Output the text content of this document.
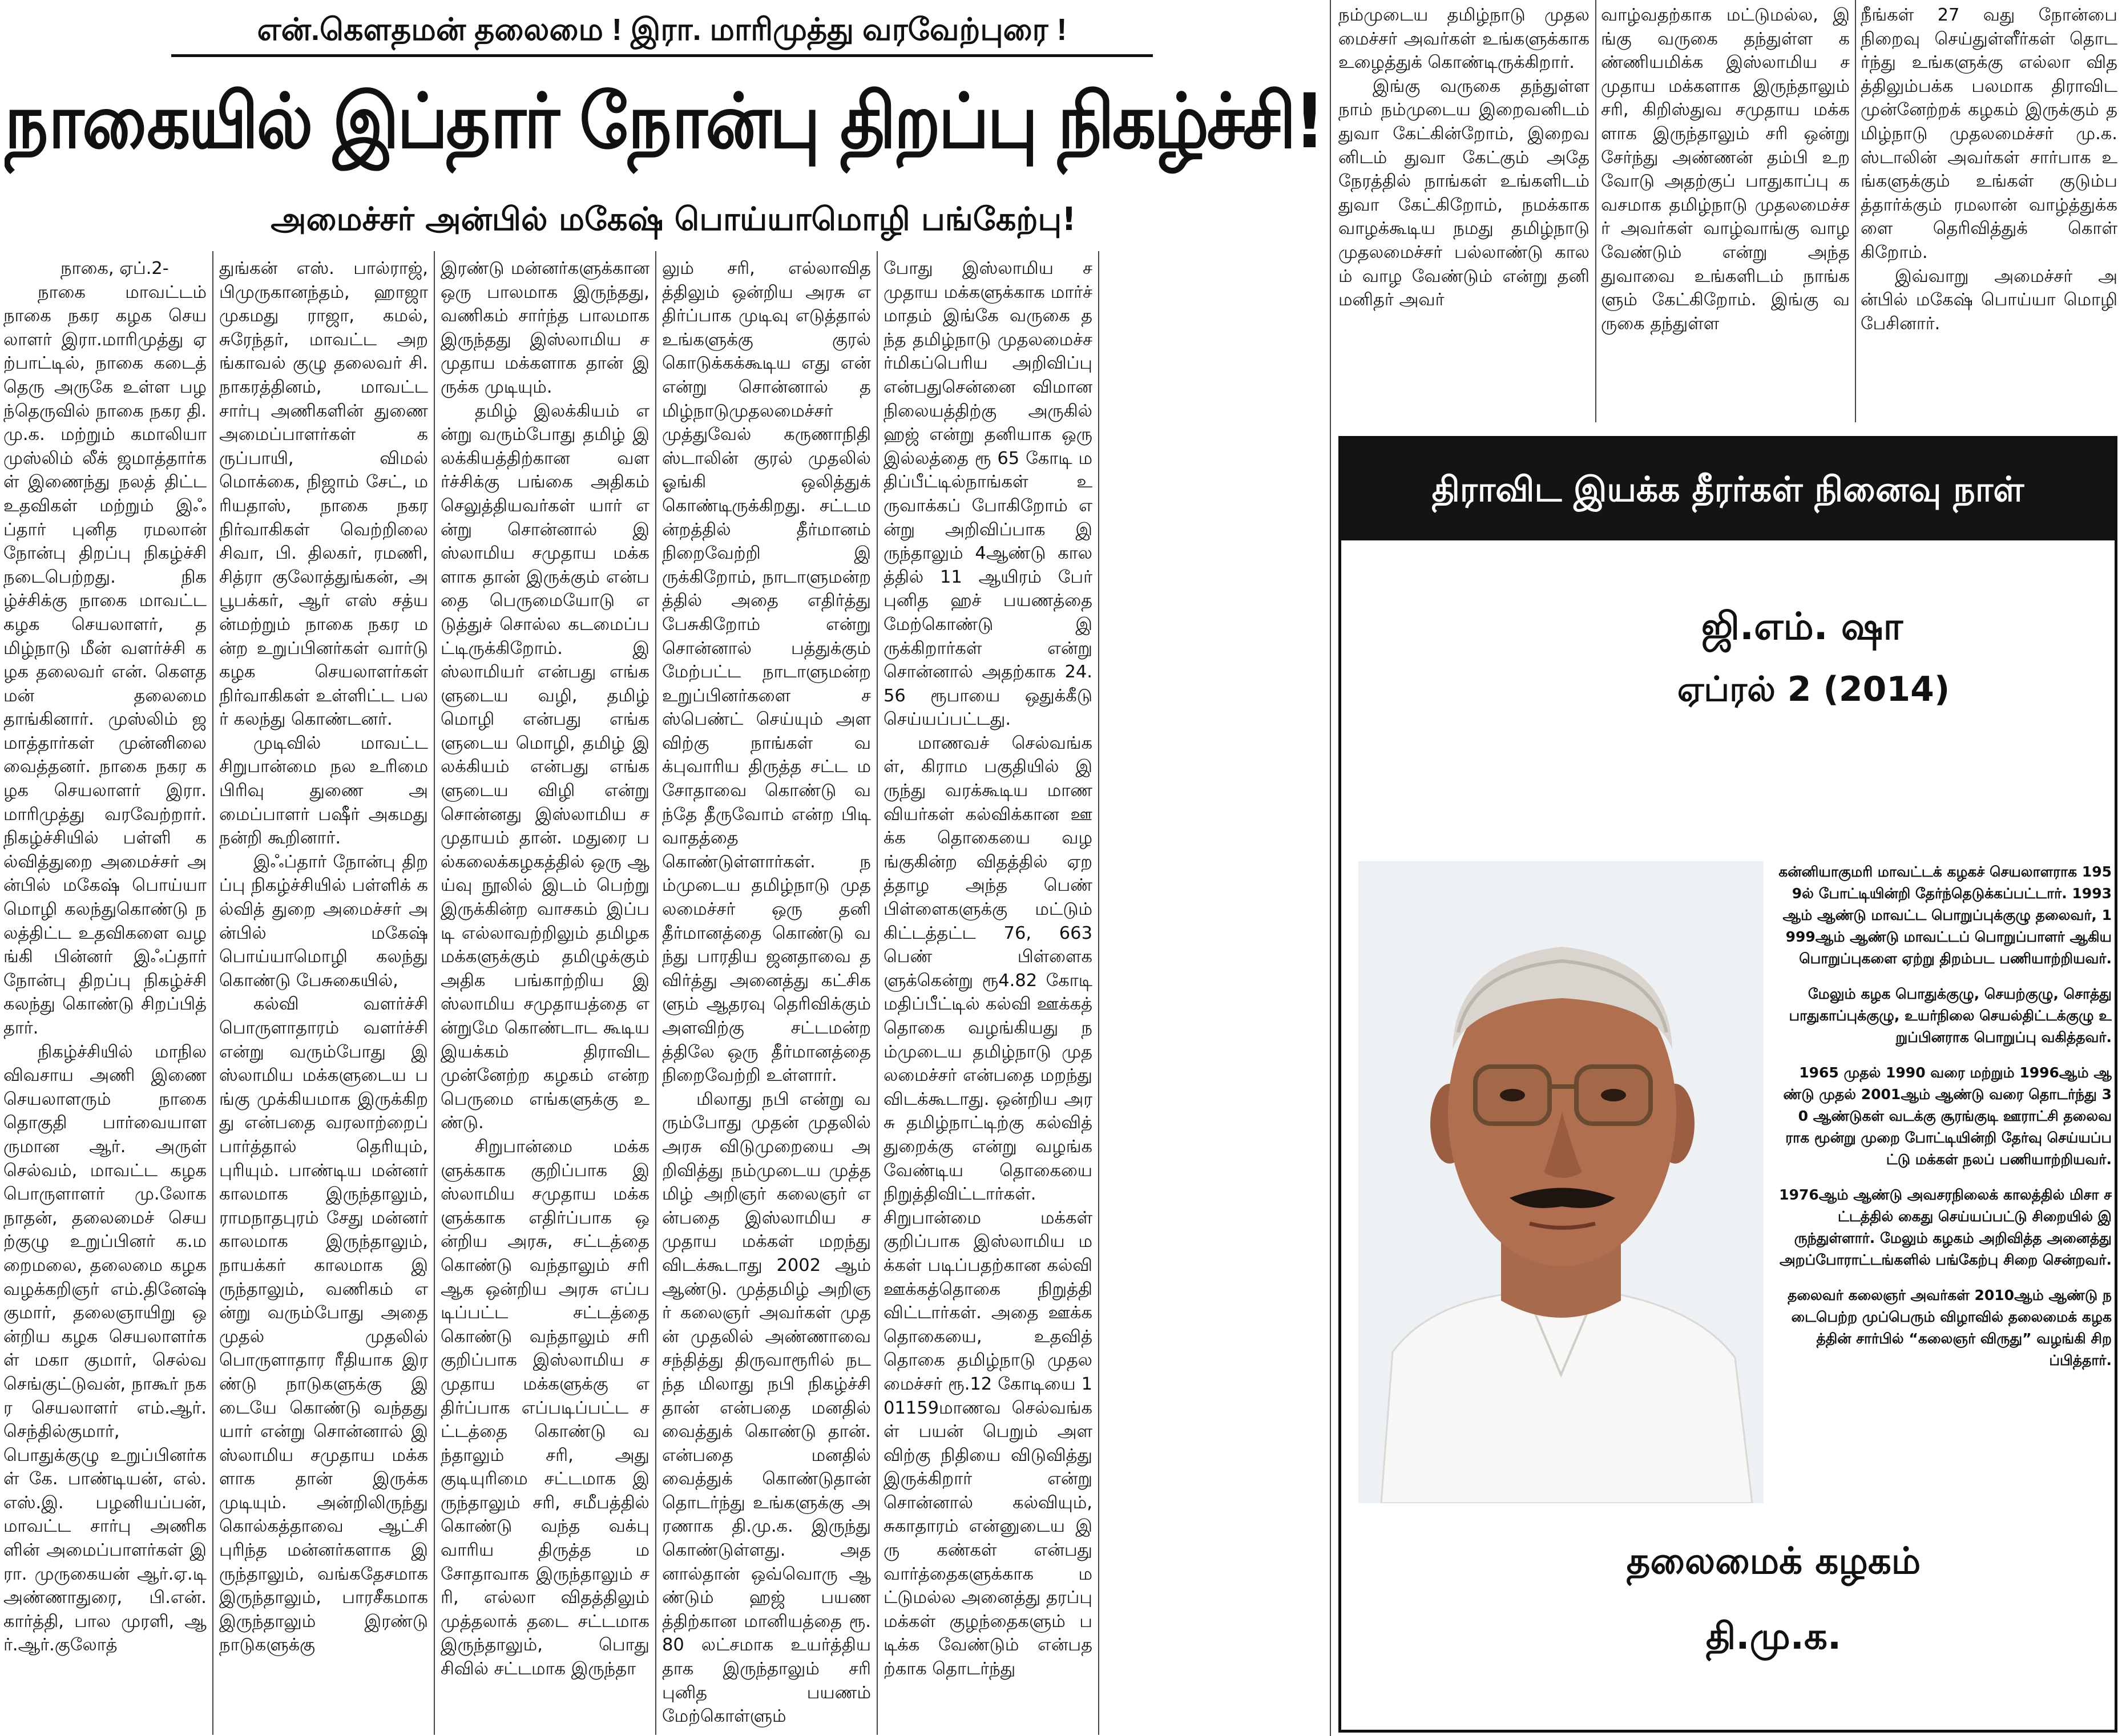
என்.கௌதமன் தலைமை ! இரா. மாரிமுத்து வரவேற்புரை !
நாகையில் இப்தார் நோன்பு திறப்பு நிகழ்ச்சி!
அமைச்சர் அன்பில் மகேஷ் பொய்யாமொழி பங்கேற்பு!

நாகை, ஏப்.2-

நாகை மாவட்டம் நாகை நகர கழக செயலாளர் இரா.மாரிமுத்து ஏற்பாட்டில், நாகை கடைத் தெரு அருகே உள்ள பழந்தெருவில் நாகை நகர தி.மு.க. மற்றும் கமாலியா முஸ்லிம் லீக் ஜமாத்தார்கள் இணைந்து நலத் திட்ட உதவிகள் மற்றும் இஃப்தார் புனித ரமலான் நோன்பு திறப்பு நிகழ்ச்சி நடைபெற்றது. நிகழ்ச்சிக்கு நாகை மாவட்ட கழக செயலாளர், தமிழ்நாடு மீன் வளர்ச்சி கழக தலைவர் என். கௌதமன் தலைமை தாங்கினார். முஸ்லிம் ஜமாத்தார்கள் முன்னிலை வைத்தனர். நாகை நகர கழக செயலாளர் இரா. மாரிமுத்து வரவேற்றார். நிகழ்ச்சியில் பள்ளி கல்வித்துறை அமைச்சர் அன்பில் மகேஷ் பொய்யா மொழி கலந்துகொண்டு நலத்திட்ட உதவிகளை வழங்கி பின்னர் இஃப்தார் நோன்பு திறப்பு நிகழ்ச்சி கலந்து கொண்டு சிறப்பித் தார்.

நிகழ்ச்சியில் மாநில விவசாய அணி இணை செயலாளரும் நாகை தொகுதி பார்வையாளருமான ஆர். அருள் செல்வம், மாவட்ட கழக பொருளாளர் மு.லோகநாதன், தலைமைச் செயற்குழு உறுப்பினர் க.மறைமலை, தலைமை கழக வழக்கறிஞர் எம்.தினேஷ் குமார், தலைஞாயிறு ஒன்றிய கழக செயலாளர்கள் மகா குமார், செல்வ செங்குட்டுவன், நாகூர் நகர செயலாளர் எம்.ஆர். செந்தில்குமார், பொதுக்குழு உறுப்பினர்கள் கே. பாண்டியன், எல்.எஸ்.இ. பழனியப்பன், மாவட்ட சார்பு அணிகளின் அமைப்பாளர்கள் இரா. முருகையன் ஆர்.ஏ.டி அண்ணாதுரை, பி.என். கார்த்தி, பால முரளி, ஆர்.ஆர்.குலோத்

துங்கன் எஸ். பால்ராஜ், பிமுருகானந்தம், ஹாஜா முகமது ராஜா, கமல், சுரேந்தர், மாவட்ட அறங்காவல் குழு தலைவர் சி. நாகரத்தினம், மாவட்ட சார்பு அணிகளின் துணை அமைப்பாளர்கள் கருப்பாயி, விமல் மொக்கை, நிஜாம் சேட், மரியதாஸ், நாகை நகர நிர்வாகிகள் வெற்றிலை சிவா, பி. திலகர், ரமணி, சித்ரா குலோத்துங்கன், அபூபக்கர், ஆர் எஸ் சத்யன்மற்றும் நாகை நகர மன்ற உறுப்பினர்கள் வார்டு கழக செயலாளர்கள் நிர்வாகிகள் உள்ளிட்ட பலர் கலந்து கொண்டனர்.

முடிவில் மாவட்ட சிறுபான்மை நல உரிமை பிரிவு துணை அமைப்பாளர் பஷீர் அகமது நன்றி கூறினார்.

இஃப்தார் நோன்பு திறப்பு நிகழ்ச்சியில் பள்ளிக் கல்வித் துறை அமைச்சர் அன்பில் மகேஷ் பொய்யாமொழி கலந்து கொண்டு பேசுகையில்,

கல்வி வளர்ச்சி பொருளாதாரம் வளர்ச்சி என்று வரும்போது இஸ்லாமிய மக்களுடைய பங்கு முக்கியமாக இருக்கிறது என்பதை வரலாற்றைப் பார்த்தால் தெரியும், புரியும். பாண்டிய மன்னர் காலமாக இருந்தாலும், ராமநாதபுரம் சேது மன்னர் காலமாக இருந்தாலும், நாயக்கர் காலமாக இருந்தாலும், வணிகம் என்று வரும்போது அதை முதல் முதலில் பொருளாதார ரீதியாக இரண்டு நாடுகளுக்கு இடையே கொண்டு வந்தது யார் என்று சொன்னால் இஸ்லாமிய சமுதாய மக்களாக தான் இருக்க முடியும். அன்றிலிருந்து கொல்கத்தாவை ஆட்சி புரிந்த மன்னர்களாக இருந்தாலும், வங்கதேசமாக இருந்தாலும், பாரசீகமாக இருந்தாலும் இரண்டு நாடுகளுக்கு

இரண்டு மன்னர்களுக்கான ஒரு பாலமாக இருந்தது, வணிகம் சார்ந்த பாலமாக இருந்தது இஸ்லாமிய சமுதாய மக்களாக தான் இருக்க முடியும்.

தமிழ் இலக்கியம் என்று வரும்போது தமிழ் இலக்கியத்திற்கான வளர்ச்சிக்கு பங்கை அதிகம் செலுத்தியவர்கள் யார் என்று சொன்னால் இஸ்லாமிய சமுதாய மக்களாக தான் இருக்கும் என்பதை பெருமையோடு எடுத்துச் சொல்ல கடமைப்பட்டிருக்கிறோம். இஸ்லாமியர் என்பது எங்களுடைய வழி, தமிழ் மொழி என்பது எங்களுடைய மொழி, தமிழ் இலக்கியம் என்பது எங்களுடைய விழி என்று சொன்னது இஸ்லாமிய சமுதாயம் தான். மதுரை பல்கலைக்கழகத்தில் ஒரு ஆய்வு நூலில் இடம் பெற்று இருக்கின்ற வாசகம் இப்படி எல்லாவற்றிலும் தமிழக மக்களுக்கும் தமிழுக்கும் அதிக பங்காற்றிய இஸ்லாமிய சமுதாயத்தை என்றுமே கொண்டாட கூடிய இயக்கம் திராவிட முன்னேற்ற கழகம் என்ற பெருமை எங்களுக்கு உண்டு.

சிறுபான்மை மக்களுக்காக குறிப்பாக இஸ்லாமிய சமுதாய மக்களுக்காக எதிர்ப்பாக ஒன்றிய அரசு, சட்டத்தை கொண்டு வந்தாலும் சரி ஆக ஒன்றிய அரசு எப்படிப்பட்ட சட்டத்தை கொண்டு வந்தாலும் சரி குறிப்பாக இஸ்லாமிய சமுதாய மக்களுக்கு எதிர்ப்பாக எப்படிப்பட்ட சட்டத்தை கொண்டு வந்தாலும் சரி, அது குடியுரிமை சட்டமாக இருந்தாலும் சரி, சமீபத்தில் கொண்டு வந்த வக்பு வாரிய திருத்த மசோதாவாக இருந்தாலும் சரி, எல்லா விதத்திலும் முத்தலாக் தடை சட்டமாக இருந்தாலும், பொது சிவில் சட்டமாக இருந்தா

லும் சரி, எல்லாவிதத்திலும் ஒன்றிய அரசு எதிர்ப்பாக முடிவு எடுத்தால் உங்களுக்கு குரல் கொடுக்கக்கூடிய எது என் என்று சொன்னால் தமிழ்நாடுமுதலமைச்சர் முத்துவேல் கருணாநிதி ஸ்டாலின் குரல் முதலில் ஓங்கி ஒலித்துக் கொண்டிருக்கிறது. சட்டமன்றத்தில் தீர்மானம் நிறைவேற்றி இருக்கிறோம், நாடாளுமன்றத்தில் அதை எதிர்த்து பேசுகிறோம் என்று சொன்னால் பத்துக்கும் மேற்பட்ட நாடாளுமன்ற உறுப்பினர்களை சஸ்பெண்ட் செய்யும் அளவிற்கு நாங்கள் வக்புவாரிய திருத்த சட்ட மசோதாவை கொண்டு வந்தே தீருவோம் என்ற பிடி வாதத்தை கொண்டுள்ளார்கள். நம்முடைய தமிழ்நாடு முதலமைச்சர் ஒரு தனி தீர்மானத்தை கொண்டு வந்து பாரதிய ஜனதாவை தவிர்த்து அனைத்து கட்சிகளும் ஆதரவு தெரிவிக்கும் அளவிற்கு சட்டமன்றத்திலே ஒரு தீர்மானத்தை நிறைவேற்றி உள்ளார்.

மிலாது நபி என்று வரும்போது முதன் முதலில் அரசு விடுமுறையை அறிவித்து நம்முடைய முத்தமிழ் அறிஞர் கலைஞர் என்பதை இஸ்லாமிய சமுதாய மக்கள் மறந்து விடக்கூடாது 2002 ஆம் ஆண்டு. முத்தமிழ் அறிஞர் கலைஞர் அவர்கள் முதன் முதலில் அண்ணாவை சந்தித்து திருவாரூரில் நடந்த மிலாது நபி நிகழ்ச்சி தான் என்பதை மனதில் வைத்துக் கொண்டு தான்.என்பதை மனதில் வைத்துக் கொண்டுதான் தொடர்ந்து உங்களுக்கு அரணாக தி.மு.க. இருந்து கொண்டுள்ளது. அதனால்தான் ஒவ்வொரு ஆண்டும் ஹஜ் பயணத்திற்கான மானியத்தை ரூ. 80 லட்சமாக உயர்த்தியதாக இருந்தாலும் சரி புனித பயணம் மேற்கொள்ளும்

போது இஸ்லாமிய சமுதாய மக்களுக்காக மார்ச் மாதம் இங்கே வருகை தந்த தமிழ்நாடு முதலமைச்சர்மிகப்பெரிய அறிவிப்பு என்பதுசென்னை விமான நிலையத்திற்கு அருகில் ஹஜ் என்று தனியாக ஒரு இல்லத்தை ரூ 65 கோடி மதிப்பீட்டில்நாங்கள் உருவாக்கப் போகிறோம் என்று அறிவிப்பாக இருந்தாலும் 4ஆண்டு காலத்தில் 11 ஆயிரம் பேர் புனித ஹச் பயணத்தை மேற்கொண்டு இருக்கிறார்கள் என்று சொன்னால் அதற்காக 24.56 ரூபாயை ஒதுக்கீடு செய்யப்பட்டது.

மாணவச் செல்வங்கள், கிராம பகுதியில் இருந்து வரக்கூடிய மாணவியர்கள் கல்விக்கான ஊக்க தொகையை வழங்குகின்ற விதத்தில் ஏறத்தாழ அந்த பெண் பிள்ளைகளுக்கு மட்டும் கிட்டத்தட்ட 76, 663 பெண் பிள்ளைகளுக்கென்று ரூ4.82 கோடி மதிப்பீட்டில் கல்வி ஊக்கத் தொகை வழங்கியது நம்முடைய தமிழ்நாடு முதலமைச்சர் என்பதை மறந்து விடக்கூடாது. ஒன்றிய அரசு தமிழ்நாட்டிற்கு கல்வித் துறைக்கு என்று வழங்க வேண்டிய தொகையை நிறுத்திவிட்டார்கள். சிறுபான்மை மக்கள் குறிப்பாக இஸ்லாமிய மக்கள் படிப்பதற்கான கல்வி ஊக்கத்தொகை நிறுத்தி விட்டார்கள். அதை ஊக்க தொகையை, உதவித் தொகை தமிழ்நாடு முதலமைச்சர் ரூ.12 கோடியை 101159மாணவ செல்வங்கள் பயன் பெறும் அளவிற்கு நிதியை விடுவித்து இருக்கிறார் என்று சொன்னால் கல்வியும், சுகாதாரம் என்னுடைய இரு கண்கள் என்பது வார்த்தைகளுக்காக மட்டுமல்ல அனைத்து தரப்பு மக்கள் குழந்தைகளும் படிக்க வேண்டும் என்பதற்காக தொடர்ந்து

நம்முடைய தமிழ்நாடு முதலமைச்சர் அவர்கள் உங்களுக்காக உழைத்துக் கொண்டிருக்கிறார்.

இங்கு வருகை தந்துள்ள நாம் நம்முடைய இறைவனிடம் துவா கேட்கின்றோம், இறைவனிடம் துவா கேட்கும் அதே நேரத்தில் நாங்கள் உங்களிடம் துவா கேட்கிறோம், நமக்காக வாழக்கூடிய நமது தமிழ்நாடு முதலமைச்சர் பல்லாண்டு காலம் வாழ வேண்டும் என்று தனி மனிதர் அவர்

வாழ்வதற்காக மட்டுமல்ல, இங்கு வருகை தந்துள்ள கண்ணியமிக்க இஸ்லாமிய சமுதாய மக்களாக இருந்தாலும் சரி, கிறிஸ்துவ சமுதாய மக்களாக இருந்தாலும் சரி ஒன்று சேர்ந்து அண்ணன் தம்பி உறவோடு அதற்குப் பாதுகாப்பு கவசமாக தமிழ்நாடு முதலமைச்சர் அவர்கள் வாழ்வாங்கு வாழ வேண்டும் என்று அந்த துவாவை உங்களிடம் நாங்களும் கேட்கிறோம். இங்கு வருகை தந்துள்ள

நீங்கள் 27 வது நோன்பை நிறைவு செய்துள்ளீர்கள் தொடர்ந்து உங்களுக்கு எல்லா விதத்திலும்பக்க பலமாக திராவிட முன்னேற்றக் கழகம் இருக்கும் தமிழ்நாடு முதலமைச்சர் மு.க.ஸ்டாலின் அவர்கள் சார்பாக உங்களுக்கும் உங்கள் குடும்பத்தார்க்கும் ரமலான் வாழ்த்துக்களை தெரிவித்துக் கொள் கிறோம்.

இவ்வாறு அமைச்சர் அன்பில் மகேஷ் பொய்யா மொழி பேசினார்.

திராவிட இயக்க தீரர்கள் நினைவு நாள்
ஜி.எம். ஷா
ஏப்ரல் 2 (2014)

கன்னியாகுமரி மாவட்டக் கழகச் செயலாளராக 1959ல் போட்டியின்றி தேர்ந்தெடுக்கப்பட்டார். 1993ஆம் ஆண்டு மாவட்ட பொறுப்புக்குழு தலைவர், 1999ஆம் ஆண்டு மாவட்டப் பொறுப்பாளர் ஆகிய பொறுப்புகளை ஏற்று திறம்பட பணியாற்றியவர்.

மேலும் கழக பொதுக்குழு, செயற்குழு, சொத்து பாதுகாப்புக்குழு, உயர்நிலை செயல்திட்டக்குழு உறுப்பினராக பொறுப்பு வகித்தவர்.

1965 முதல் 1990 வரை மற்றும் 1996ஆம் ஆண்டு முதல் 2001ஆம் ஆண்டு வரை தொடர்ந்து 30 ஆண்டுகள் வடக்கு சூரங்குடி ஊராட்சி தலைவராக மூன்று முறை போட்டியின்றி தேர்வு செய்யப்பட்டு மக்கள் நலப் பணியாற்றியவர்.

1976ஆம் ஆண்டு அவசரநிலைக் காலத்தில் மிசா சட்டத்தில் கைது செய்யப்பட்டு சிறையில் இருந்துள்ளார். மேலும் கழகம் அறிவித்த அனைத்து அறப்போராட்டங்களில் பங்கேற்பு சிறை சென்றவர்.

தலைவர் கலைஞர் அவர்கள் 2010ஆம் ஆண்டு நடைபெற்ற முப்பெரும் விழாவில் தலைமைக் கழகத்தின் சார்பில் “கலைஞர் விருது” வழங்கி சிறப்பித்தார்.

தலைமைக் கழகம்
தி.மு.க.
